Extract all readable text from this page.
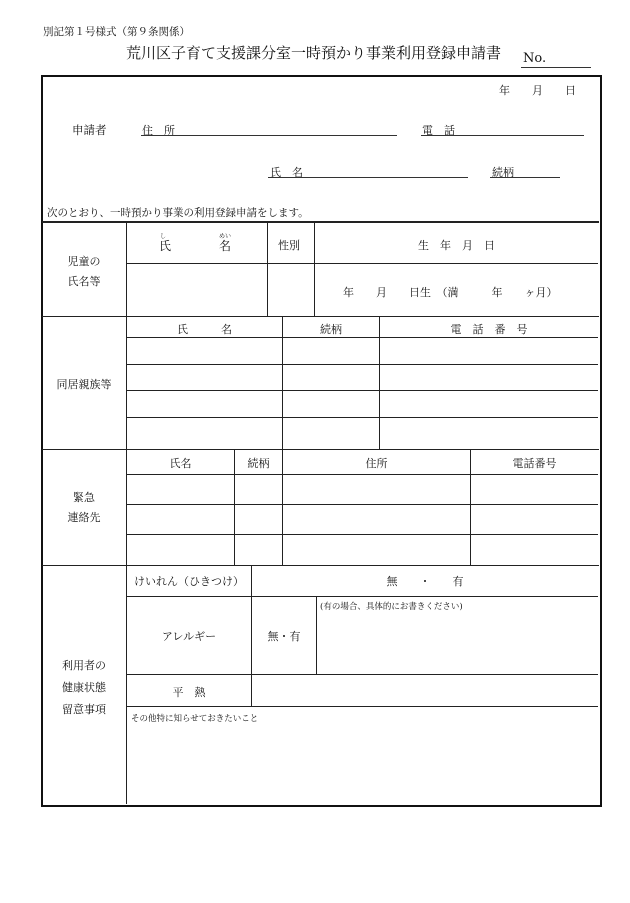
別記第１号様式（第９条関係）
荒川区子育て支援課分室一時預かり事業利用登録申請書 No.
年　　月　　日
申請者	住　所	電　話
氏　名	続柄
次のとおり、一時預かり事業の利用登録申請をします。
児童の
氏名等
し	めい
氏	名	性別	生　年　月　日
年　　月　　日生　（満　　　年　　ヶ月）
同居親族等
氏　　　名	続柄	電　話　番　号
緊急
連絡先
氏名	続柄	住所	電話番号
利用者の
健康状態
留意事項
けいれん（ひきつけ）	無　　・　　有
アレルギー	無・有
(有の場合、具体的にお書きください)
平　熱
その他特に知らせておきたいこと
